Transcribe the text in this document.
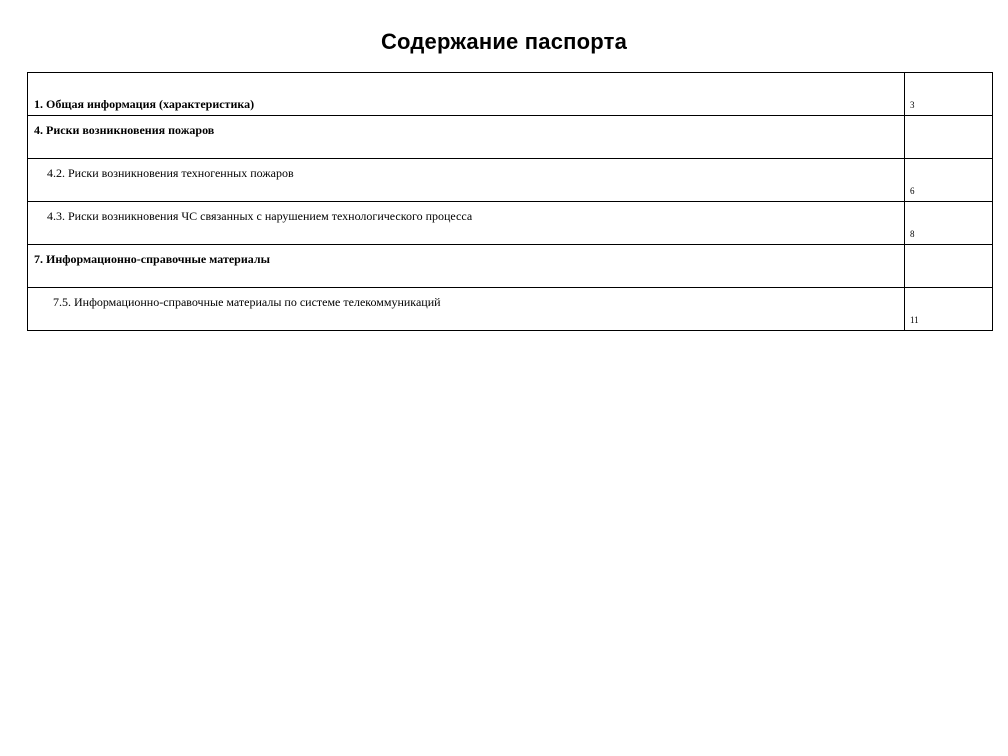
Содержание паспорта
1. Общая информация (характеристика)	3

4. Риски возникновения пожаров	

4.2. Риски возникновения техногенных пожаров	6

4.3. Риски возникновения ЧС связанных с нарушением технологического процесса	8

7. Информационно-справочные материалы	

7.5. Информационно-справочные материалы по системе телекоммуникаций	11
